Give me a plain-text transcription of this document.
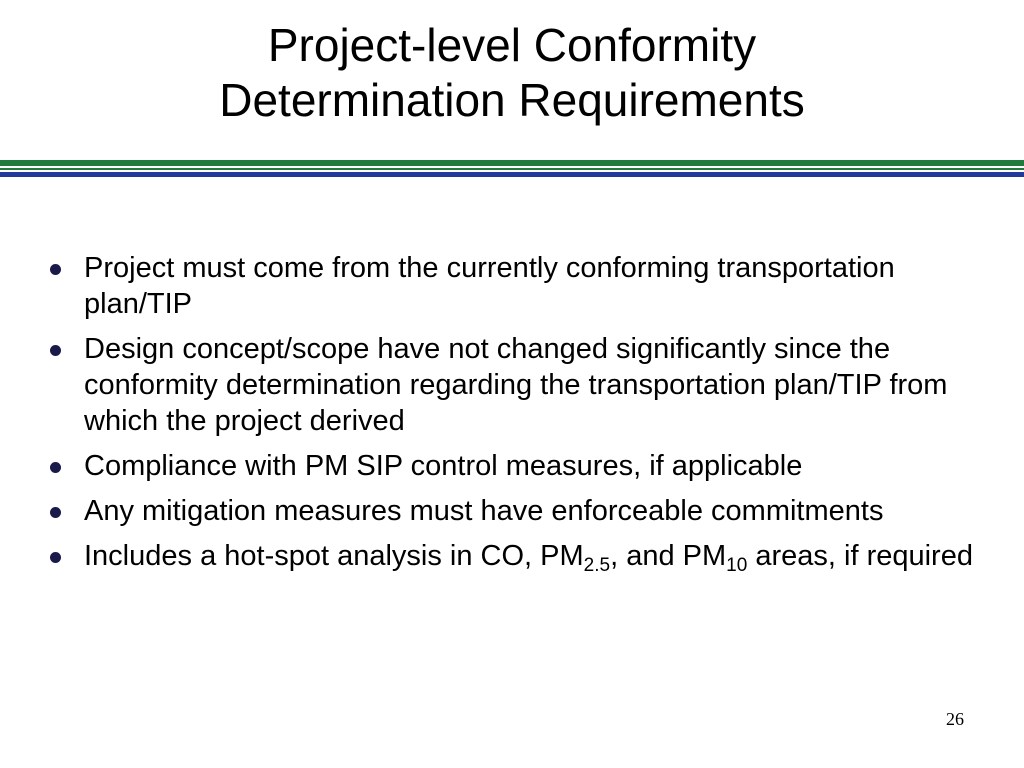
Project-level Conformity
Determination Requirements
Project must come from the currently conforming transportation plan/TIP
Design concept/scope have not changed significantly since the conformity determination regarding the transportation plan/TIP from which the project derived
Compliance with PM SIP control measures, if applicable
Any mitigation measures must have enforceable commitments
Includes a hot-spot analysis in CO, $PM_{2.5}$, and $PM_{10}$ areas, if required
26
